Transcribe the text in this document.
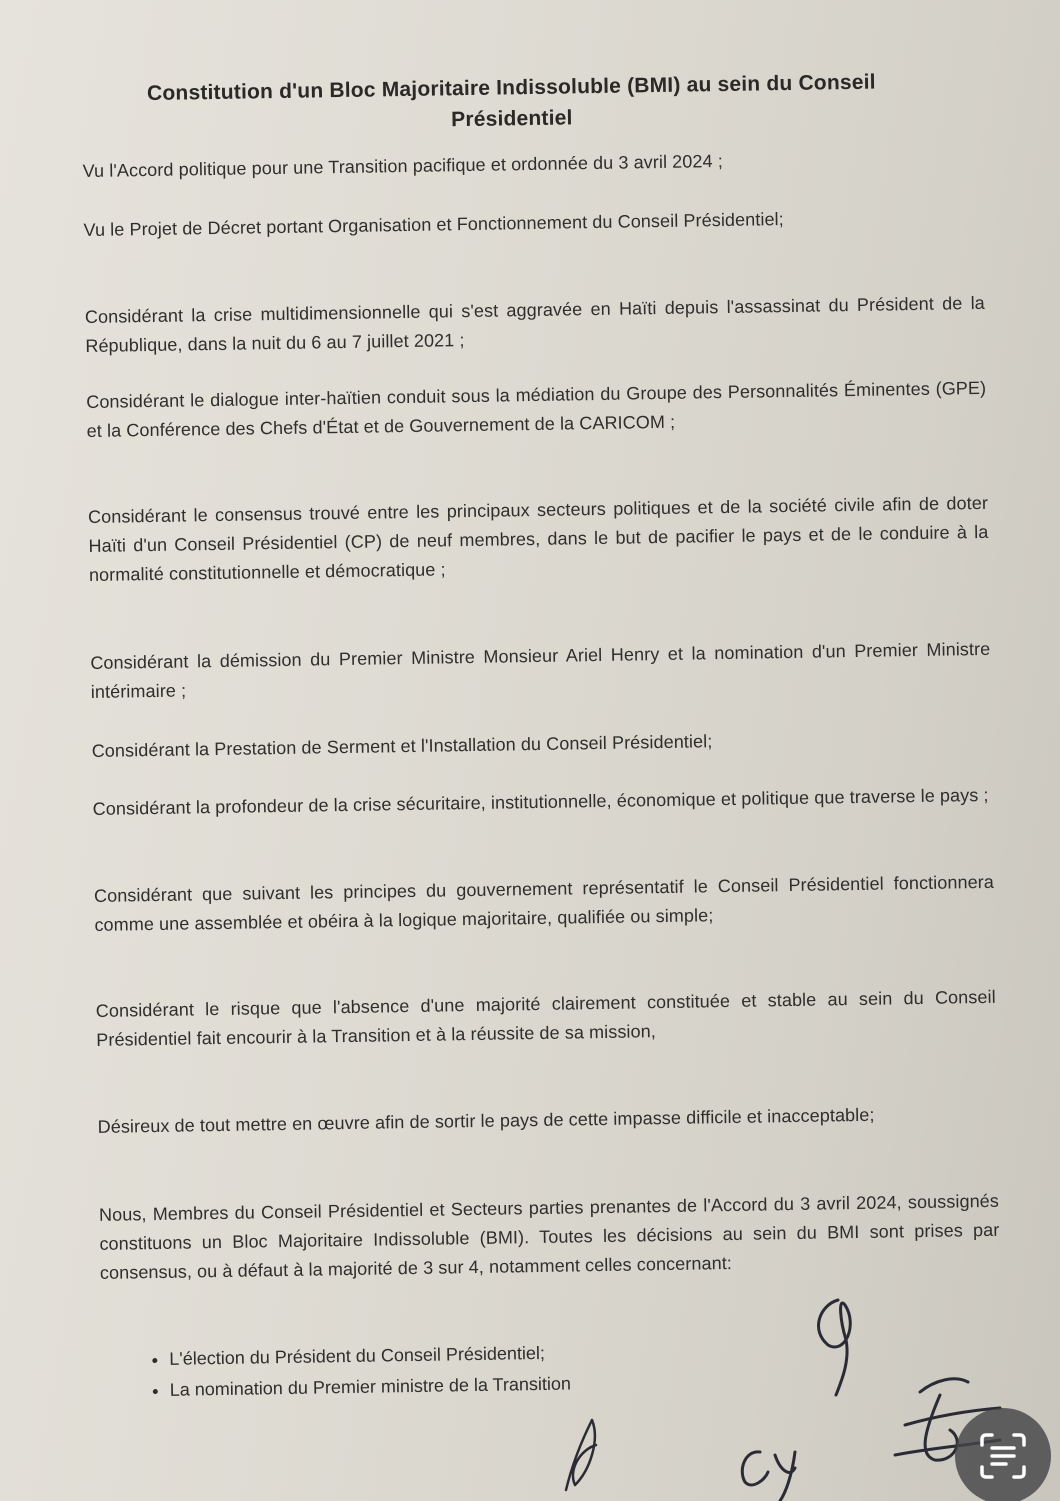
Constitution d'un Bloc Majoritaire Indissoluble (BMI) au sein du Conseil Présidentiel
Vu l'Accord politique pour une Transition pacifique et ordonnée du 3 avril 2024 ;
Vu le Projet de Décret portant Organisation et Fonctionnement du Conseil Présidentiel;
Considérant la crise multidimensionnelle qui s'est aggravée en Haïti depuis l'assassinat du Président de la République, dans la nuit du 6 au 7 juillet 2021 ;
Considérant le dialogue inter-haïtien conduit sous la médiation du Groupe des Personnalités Éminentes (GPE) et la Conférence des Chefs d'État et de Gouvernement de la CARICOM ;
Considérant le consensus trouvé entre les principaux secteurs politiques et de la société civile afin de doter Haïti d'un Conseil Présidentiel (CP) de neuf membres, dans le but de pacifier le pays et de le conduire à la normalité constitutionnelle et démocratique ;
Considérant la démission du Premier Ministre Monsieur Ariel Henry et la nomination d'un Premier Ministre intérimaire ;
Considérant la Prestation de Serment et l'Installation du Conseil Présidentiel;
Considérant la profondeur de la crise sécuritaire, institutionnelle, économique et politique que traverse le pays ;
Considérant que suivant les principes du gouvernement représentatif le Conseil Présidentiel fonctionnera comme une assemblée et obéira à la logique majoritaire, qualifiée ou simple;
Considérant le risque que l'absence d'une majorité clairement constituée et stable au sein du Conseil Présidentiel fait encourir à la Transition et à la réussite de sa mission,
Désireux de tout mettre en œuvre afin de sortir le pays de cette impasse difficile et inacceptable;
Nous, Membres du Conseil Présidentiel et Secteurs parties prenantes de l'Accord du 3 avril 2024, soussignés constituons un Bloc Majoritaire Indissoluble (BMI). Toutes les décisions au sein du BMI sont prises par consensus, ou à défaut à la majorité de 3 sur 4, notamment celles concernant:
• L'élection du Président du Conseil Présidentiel;
• La nomination du Premier ministre de la Transition
